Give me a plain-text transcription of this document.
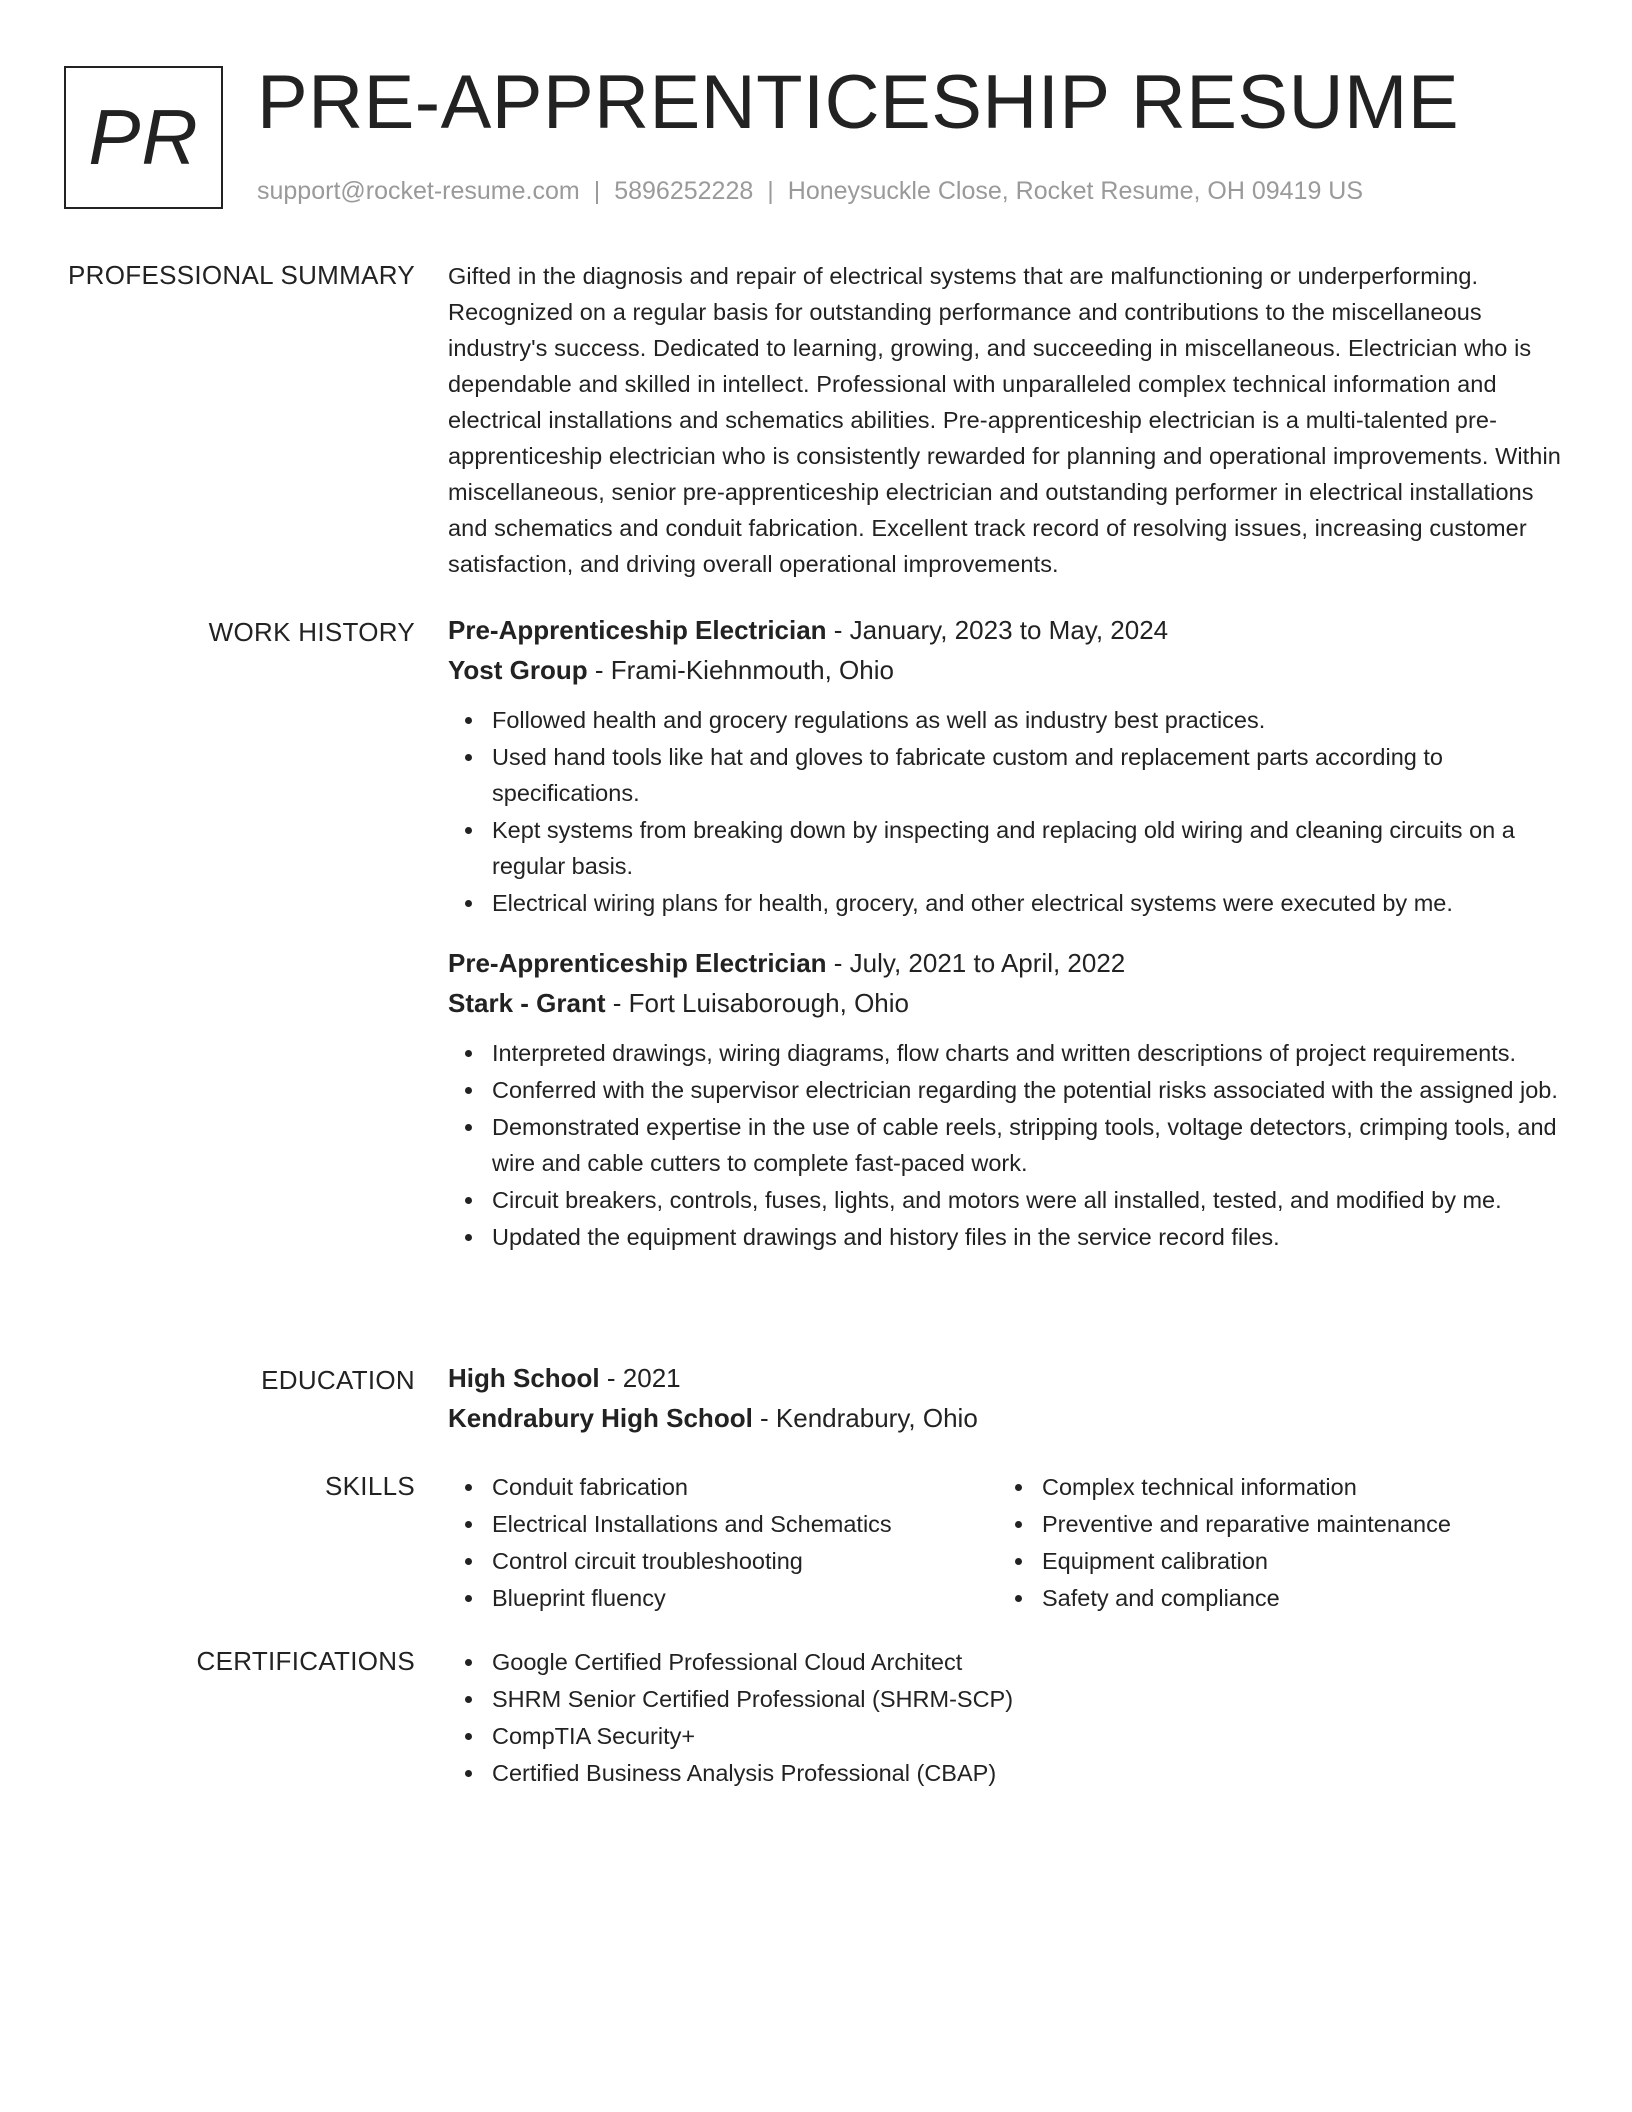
PR PRE-APPRENTICESHIP RESUME
support@rocket-resume.com | 5896252228 | Honeysuckle Close, Rocket Resume, OH 09419 US
PROFESSIONAL SUMMARY Gifted in the diagnosis and repair of electrical systems that are malfunctioning or underperforming. Recognized on a regular basis for outstanding performance and contributions to the miscellaneous industry's success. Dedicated to learning, growing, and succeeding in miscellaneous. Electrician who is dependable and skilled in intellect. Professional with unparalleled complex technical information and electrical installations and schematics abilities. Pre-apprenticeship electrician is a multi-talented pre-apprenticeship electrician who is consistently rewarded for planning and operational improvements. Within miscellaneous, senior pre-apprenticeship electrician and outstanding performer in electrical installations and schematics and conduit fabrication. Excellent track record of resolving issues, increasing customer satisfaction, and driving overall operational improvements.
WORK HISTORY Pre-Apprenticeship Electrician - January, 2023 to May, 2024
Yost Group - Frami-Kiehnmouth, Ohio
Followed health and grocery regulations as well as industry best practices.
Used hand tools like hat and gloves to fabricate custom and replacement parts according to specifications.
Kept systems from breaking down by inspecting and replacing old wiring and cleaning circuits on a regular basis.
Electrical wiring plans for health, grocery, and other electrical systems were executed by me.
Pre-Apprenticeship Electrician - July, 2021 to April, 2022
Stark - Grant - Fort Luisaborough, Ohio
Interpreted drawings, wiring diagrams, flow charts and written descriptions of project requirements.
Conferred with the supervisor electrician regarding the potential risks associated with the assigned job.
Demonstrated expertise in the use of cable reels, stripping tools, voltage detectors, crimping tools, and wire and cable cutters to complete fast-paced work.
Circuit breakers, controls, fuses, lights, and motors were all installed, tested, and modified by me.
Updated the equipment drawings and history files in the service record files.
EDUCATION High School - 2021
Kendrabury High School - Kendrabury, Ohio
SKILLS	Conduit fabrication
Electrical Installations and Schematics
Control circuit troubleshooting
Blueprint fluency
Complex technical information
Preventive and reparative maintenance
Equipment calibration
Safety and compliance
CERTIFICATIONS	Google Certified Professional Cloud Architect
SHRM Senior Certified Professional (SHRM-SCP)
CompTIA Security+
Certified Business Analysis Professional (CBAP)
